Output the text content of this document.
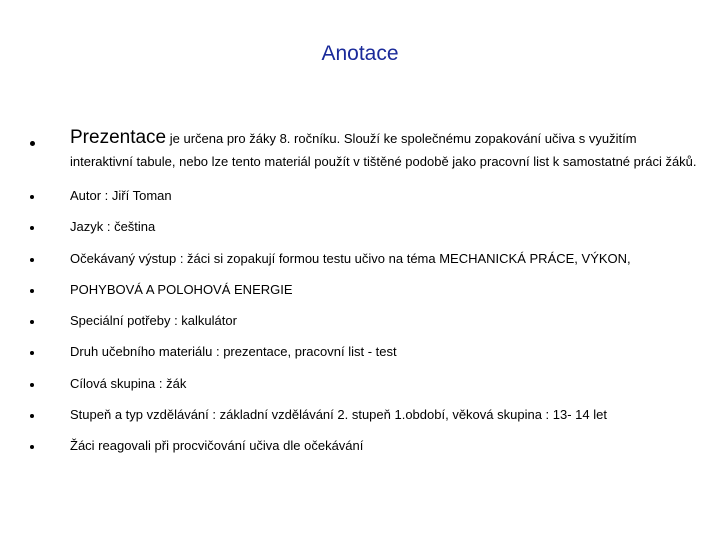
Anotace
Prezentace je určena pro žáky 8. ročníku. Slouží ke společnému zopakování učiva s využitím
interaktivní tabule, nebo lze tento materiál použít v tištěné podobě jako pracovní list k samostatné práci žáků.
Autor : Jiří Toman
Jazyk : čeština
Očekávaný výstup : žáci si zopakují formou testu učivo na téma MECHANICKÁ PRÁCE, VÝKON,
POHYBOVÁ A POLOHOVÁ ENERGIE
Speciální potřeby : kalkulátor
Druh učebního materiálu : prezentace, pracovní list - test
Cílová skupina : žák
Stupeň a typ vzdělávání : základní vzdělávání 2. stupeň 1.období, věková skupina : 13- 14 let
Žáci reagovali při procvičování učiva dle očekávání
